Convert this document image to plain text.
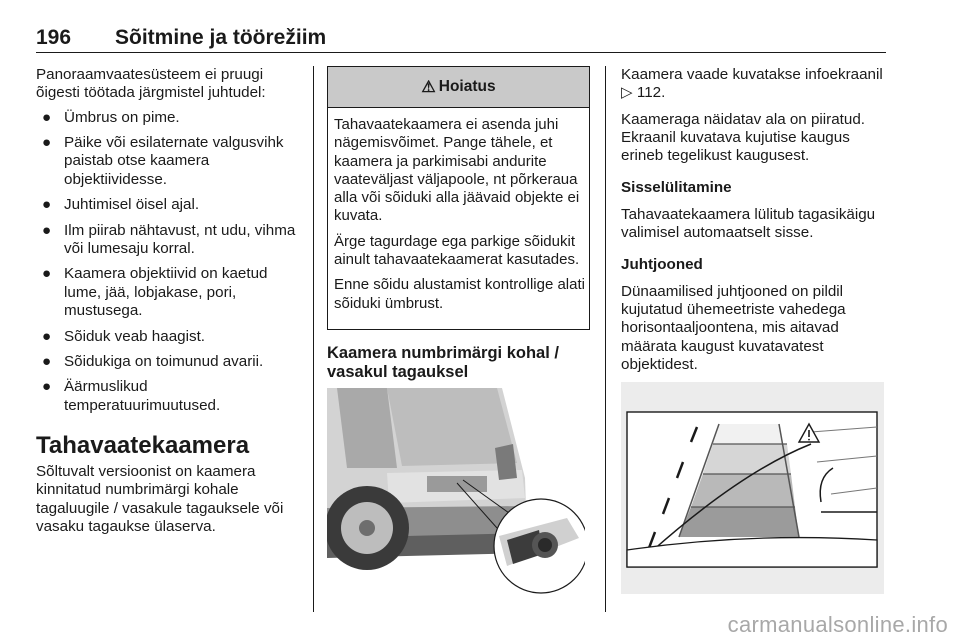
196 Sõitmine ja töörežiim

Panoraamvaatesüsteem ei pruugi õigesti töötada järgmistel juhtudel:

● Ümbrus on pime.
● Päike või esilaternate valgusvihk paistab otse kaamera objektiividesse.
● Juhtimisel öisel ajal.
● Ilm piirab nähtavust, nt udu, vihma või lumesaju korral.
● Kaamera objektiivid on kaetud lume, jää, lobjakase, pori, mustusega.
● Sõiduk veab haagist.
● Sõidukiga on toimunud avarii.
● Äärmuslikud temperatuurimuutused.
Tahavaatekaamera

Sõltuvalt versioonist on kaamera kinnitatud numbrimärgi kohale tagaluugile / vasakule tagauksele või vasaku tagaukse ülaserva.

⚠ Hoiatus

Tahavaatekaamera ei asenda juhi nägemisvõimet. Pange tähele, et kaamera ja parkimisabi andurite vaateväljast väljapoole, nt põrkeraua alla või sõiduki alla jäävaid objekte ei kuvata.

Ärge tagurdage ega parkige sõidukit ainult tahavaatekaamerat kasutades.

Enne sõidu alustamist kontrollige alati sõiduki ümbrust.

Kaamera numbrimärgi kohal / vasakul tagauksel

Kaamera vaade kuvatakse infoekraanil ▷ 112.

Kaameraga näidatav ala on piiratud. Ekraanil kuvatava kujutise kaugus erineb tegelikust kaugusest.

Sisselülitamine

Tahavaatekaamera lülitub tagasikäigu valimisel automaatselt sisse.

Juhtjooned

Dünaamilised juhtjooned on pildil kujutatud ühemeetriste vahedega horisontaaljoontena, mis aitavad määrata kaugust kuvatavatest objektidest.

carmanualsonline.info
